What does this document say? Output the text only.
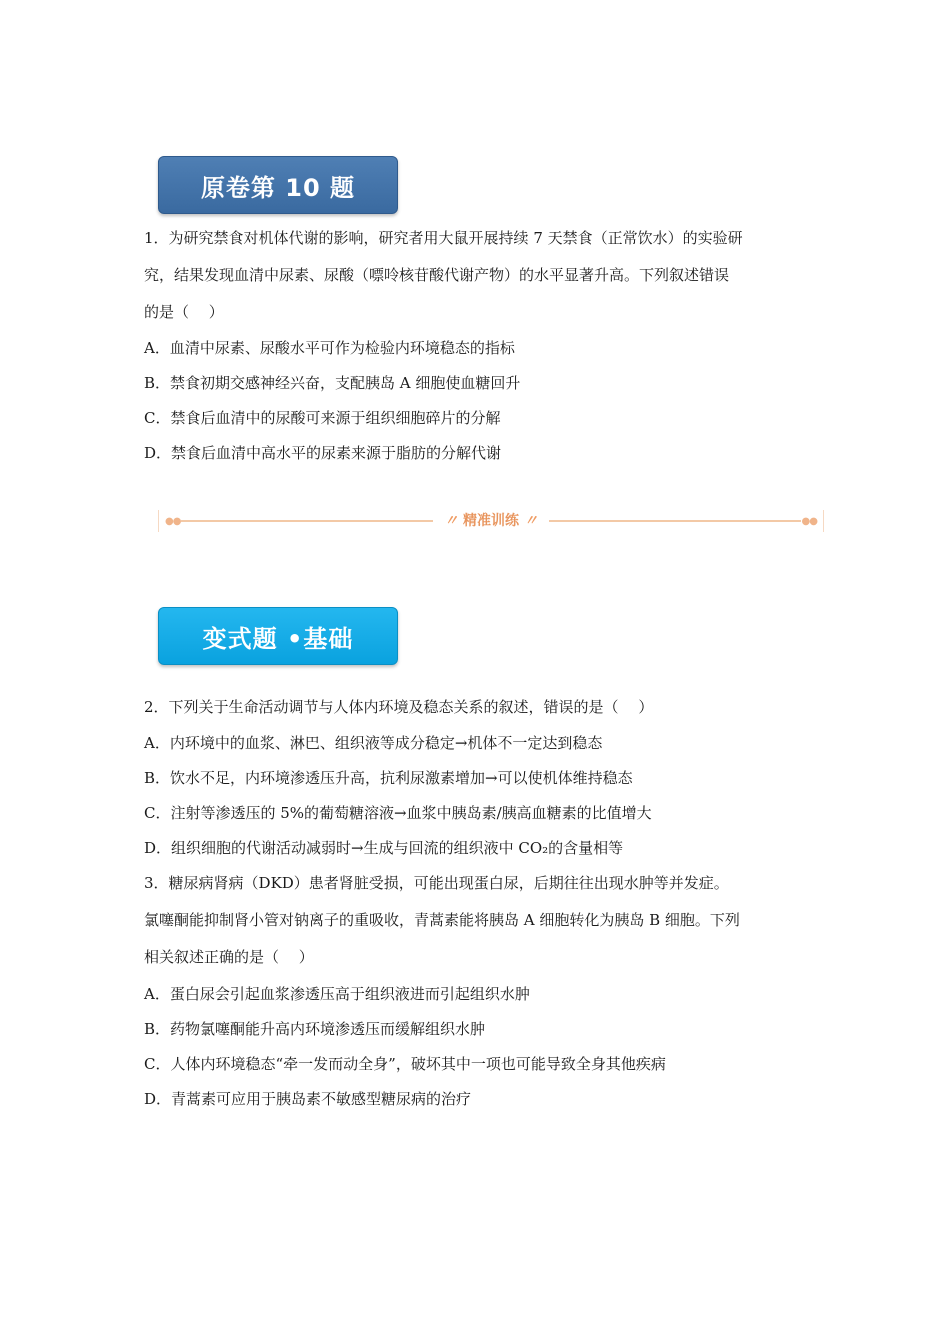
原卷第 10 题
1．为研究禁食对机体代谢的影响，研究者用大鼠开展持续 7 天禁食（正常饮水）的实验研
究，结果发现血清中尿素、尿酸（嘌呤核苷酸代谢产物）的水平显著升高。下列叙述错误
的是（　 ）
A．血清中尿素、尿酸水平可作为检验内环境稳态的指标
B．禁食初期交感神经兴奋，支配胰岛 A 细胞使血糖回升
C．禁食后血清中的尿酸可来源于组织细胞碎片的分解
D．禁食后血清中高水平的尿素来源于脂肪的分解代谢
●●	〃 精准训练 〃	●●
变式题 •基础
2．下列关于生命活动调节与人体内环境及稳态关系的叙述，错误的是（　 ）
A．内环境中的血浆、淋巴、组织液等成分稳定→机体不一定达到稳态
B．饮水不足，内环境渗透压升高，抗利尿激素增加→可以使机体维持稳态
C．注射等渗透压的 5%的葡萄糖溶液→血浆中胰岛素/胰高血糖素的比值增大
D．组织细胞的代谢活动减弱时→生成与回流的组织液中 CO₂的含量相等
3．糖尿病肾病（DKD）患者肾脏受损，可能出现蛋白尿，后期往往出现水肿等并发症。
氯噻酮能抑制肾小管对钠离子的重吸收，青蒿素能将胰岛 A 细胞转化为胰岛 B 细胞。下列
相关叙述正确的是（　 ）
A．蛋白尿会引起血浆渗透压高于组织液进而引起组织水肿
B．药物氯噻酮能升高内环境渗透压而缓解组织水肿
C．人体内环境稳态“牵一发而动全身”，破坏其中一项也可能导致全身其他疾病
D．青蒿素可应用于胰岛素不敏感型糖尿病的治疗
